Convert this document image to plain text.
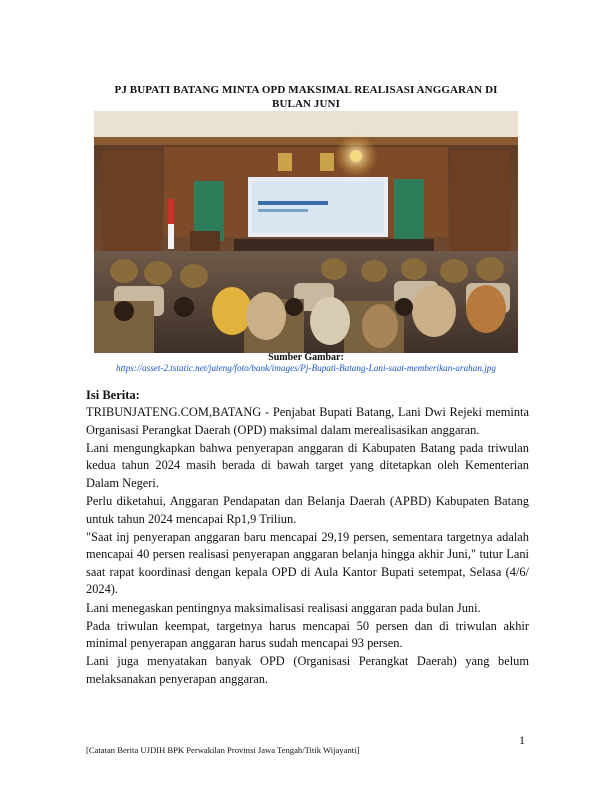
PJ BUPATI BATANG MINTA OPD MAKSIMAL REALISASI ANGGARAN DI
BULAN JUNI
Sumber Gambar:
https://asset-2.tstatic.net/jateng/foto/bank/images/Pj-Bupati-Batang-Lani-saat-memberikan-arahan.jpg
Isi Berita:

TRIBUNJATENG.COM,BATANG - Penjabat Bupati Batang, Lani Dwi Rejeki meminta Organisasi Perangkat Daerah (OPD) maksimal dalam merealisasikan anggaran.

Lani mengungkapkan bahwa penyerapan anggaran di Kabupaten Batang pada triwulan kedua tahun 2024 masih berada di bawah target yang ditetapkan oleh Kementerian Dalam Negeri.

Perlu diketahui, Anggaran Pendapatan dan Belanja Daerah (APBD) Kabupaten Batang untuk tahun 2024 mencapai Rp1,9 Triliun.

"Saat inj penyerapan anggaran baru mencapai 29,19 persen, sementara targetnya adalah mencapai 40 persen realisasi penyerapan anggaran belanja hingga akhir Juni," tutur Lani saat rapat koordinasi dengan kepala OPD di Aula Kantor Bupati setempat, Selasa (4/6/ 2024).

Lani menegaskan pentingnya maksimalisasi realisasi anggaran pada bulan Juni.

Pada triwulan keempat, targetnya harus mencapai 50 persen dan di triwulan akhir minimal penyerapan anggaran harus sudah mencapai 93 persen.

Lani juga menyatakan banyak OPD (Organisasi Perangkat Daerah) yang belum melaksanakan penyerapan anggaran.

1
[Catatan Berita UJDIH BPK Perwakilan Provinsi Jawa Tengah/Titik Wijayanti]
